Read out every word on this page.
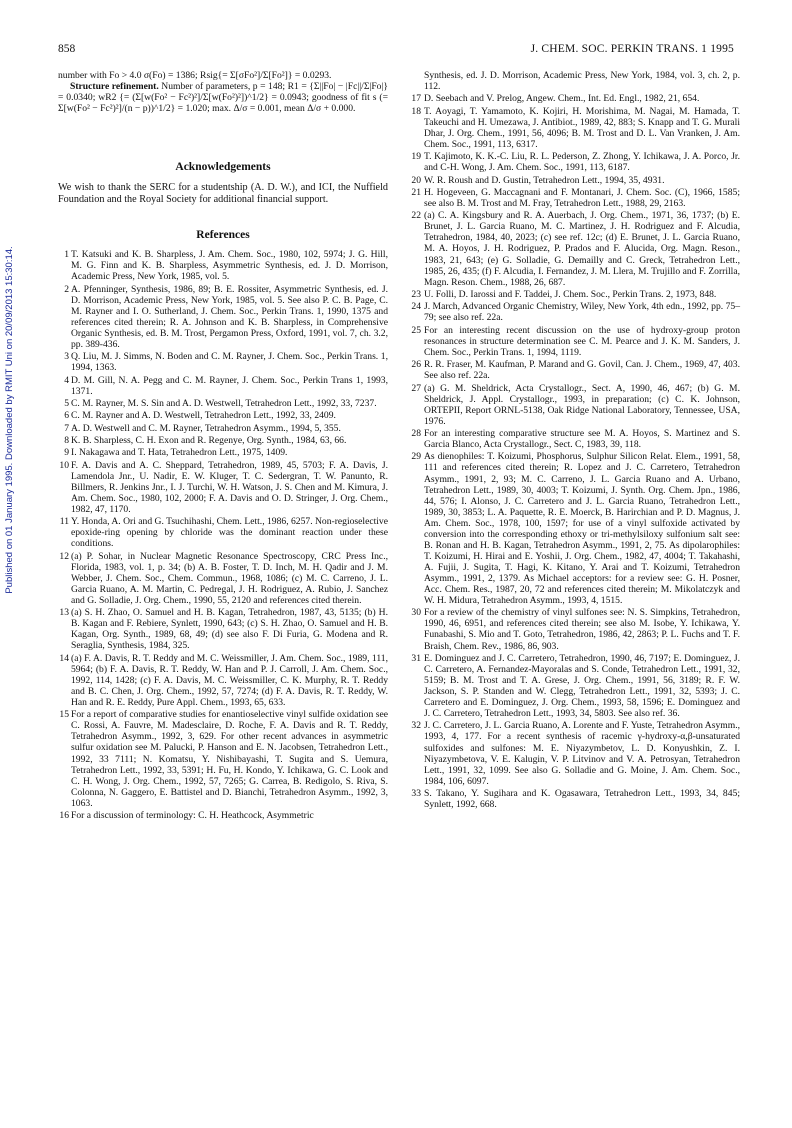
Published on 01 January 1995. Downloaded by RMIT Uni on 20/09/2013 15:30:14.
858	J. CHEM. SOC. PERKIN TRANS. 1 1995

number with Fo > 4.0 σ(Fo) = 1386; Rsig{= Σ[σFo²]/Σ[Fo²]} = 0.0293.

Structure refinement. Number of parameters, p = 148; R1 = {Σ||Fo| − |Fc||/Σ|Fo|} = 0.0340; wR2 {= (Σ[w(Fo² − Fc²)²]/Σ[w(Fo²)²])^1/2} = 0.0943; goodness of fit s (= Σ[w(Fo² − Fc²)²]/(n − p))^1/2} = 1.020; max. Δ/σ = 0.001, mean Δ/σ + 0.000.

Acknowledgements

We wish to thank the SERC for a studentship (A. D. W.), and ICI, the Nuffield Foundation and the Royal Society for additional financial support.

References
1 T. Katsuki and K. B. Sharpless, J. Am. Chem. Soc., 1980, 102, 5974; J. G. Hill, M. G. Finn and K. B. Sharpless, Asymmetric Synthesis, ed. J. D. Morrison, Academic Press, New York, 1985, vol. 5.
2 A. Pfenninger, Synthesis, 1986, 89; B. E. Rossiter, Asymmetric Synthesis, ed. J. D. Morrison, Academic Press, New York, 1985, vol. 5. See also P. C. B. Page, C. M. Rayner and I. O. Sutherland, J. Chem. Soc., Perkin Trans. 1, 1990, 1375 and references cited therein; R. A. Johnson and K. B. Sharpless, in Comprehensive Organic Synthesis, ed. B. M. Trost, Pergamon Press, Oxford, 1991, vol. 7, ch. 3.2, pp. 389-436.
3 Q. Liu, M. J. Simms, N. Boden and C. M. Rayner, J. Chem. Soc., Perkin Trans. 1, 1994, 1363.
4 D. M. Gill, N. A. Pegg and C. M. Rayner, J. Chem. Soc., Perkin Trans 1, 1993, 1371.
5 C. M. Rayner, M. S. Sin and A. D. Westwell, Tetrahedron Lett., 1992, 33, 7237.
6 C. M. Rayner and A. D. Westwell, Tetrahedron Lett., 1992, 33, 2409.
7 A. D. Westwell and C. M. Rayner, Tetrahedron Asymm., 1994, 5, 355.
8 K. B. Sharpless, C. H. Exon and R. Regenye, Org. Synth., 1984, 63, 66.
9 I. Nakagawa and T. Hata, Tetrahedron Lett., 1975, 1409.
10 F. A. Davis and A. C. Sheppard, Tetrahedron, 1989, 45, 5703; F. A. Davis, J. Lamendola Jnr., U. Nadir, E. W. Kluger, T. C. Sedergran, T. W. Panunto, R. Billmers, R. Jenkins Jnr., I. J. Turchi, W. H. Watson, J. S. Chen and M. Kimura, J. Am. Chem. Soc., 1980, 102, 2000; F. A. Davis and O. D. Stringer, J. Org. Chem., 1982, 47, 1170.
11 Y. Honda, A. Ori and G. Tsuchihashi, Chem. Lett., 1986, 6257. Non-regioselective epoxide-ring opening by chloride was the dominant reaction under these conditions.
12 (a) P. Sohar, in Nuclear Magnetic Resonance Spectroscopy, CRC Press Inc., Florida, 1983, vol. 1, p. 34; (b) A. B. Foster, T. D. Inch, M. H. Qadir and J. M. Webber, J. Chem. Soc., Chem. Commun., 1968, 1086; (c) M. C. Carreno, J. L. Garcia Ruano, A. M. Martin, C. Pedregal, J. H. Rodriguez, A. Rubio, J. Sanchez and G. Solladie, J. Org. Chem., 1990, 55, 2120 and references cited therein.
13 (a) S. H. Zhao, O. Samuel and H. B. Kagan, Tetrahedron, 1987, 43, 5135; (b) H. B. Kagan and F. Rebiere, Synlett, 1990, 643; (c) S. H. Zhao, O. Samuel and H. B. Kagan, Org. Synth., 1989, 68, 49; (d) see also F. Di Furia, G. Modena and R. Seraglia, Synthesis, 1984, 325.
14 (a) F. A. Davis, R. T. Reddy and M. C. Weissmiller, J. Am. Chem. Soc., 1989, 111, 5964; (b) F. A. Davis, R. T. Reddy, W. Han and P. J. Carroll, J. Am. Chem. Soc., 1992, 114, 1428; (c) F. A. Davis, M. C. Weissmiller, C. K. Murphy, R. T. Reddy and B. C. Chen, J. Org. Chem., 1992, 57, 7274; (d) F. A. Davis, R. T. Reddy, W. Han and R. E. Reddy, Pure Appl. Chem., 1993, 65, 633.
15 For a report of comparative studies for enantioselective vinyl sulfide oxidation see C. Rossi, A. Fauvre, M. Madesclaire, D. Roche, F. A. Davis and R. T. Reddy, Tetrahedron Asymm., 1992, 3, 629. For other recent advances in asymmetric sulfur oxidation see M. Palucki, P. Hanson and E. N. Jacobsen, Tetrahedron Lett., 1992, 33 7111; N. Komatsu, Y. Nishibayashi, T. Sugita and S. Uemura, Tetrahedron Lett., 1992, 33, 5391; H. Fu, H. Kondo, Y. Ichikawa, G. C. Look and C. H. Wong, J. Org. Chem., 1992, 57, 7265; G. Carrea, B. Redigolo, S. Riva, S. Colonna, N. Gaggero, E. Battistel and D. Bianchi, Tetrahedron Asymm., 1992, 3, 1063.
16 For a discussion of terminology: C. H. Heathcock, Asymmetric
Synthesis, ed. J. D. Morrison, Academic Press, New York, 1984, vol. 3, ch. 2, p. 112.
17 D. Seebach and V. Prelog, Angew. Chem., Int. Ed. Engl., 1982, 21, 654.
18 T. Aoyagi, T. Yamamoto, K. Kojiri, H. Morishima, M. Nagai, M. Hamada, T. Takeuchi and H. Umezawa, J. Antibiot., 1989, 42, 883; S. Knapp and T. G. Murali Dhar, J. Org. Chem., 1991, 56, 4096; B. M. Trost and D. L. Van Vranken, J. Am. Chem. Soc., 1991, 113, 6317.
19 T. Kajimoto, K. K.-C. Liu, R. L. Pederson, Z. Zhong, Y. Ichikawa, J. A. Porco, Jr. and C-H. Wong, J. Am. Chem. Soc., 1991, 113, 6187.
20 W. R. Roush and D. Gustin, Tetrahedron Lett., 1994, 35, 4931.
21 H. Hogeveen, G. Maccagnani and F. Montanari, J. Chem. Soc. (C), 1966, 1585; see also B. M. Trost and M. Fray, Tetrahedron Lett., 1988, 29, 2163.
22 (a) C. A. Kingsbury and R. A. Auerbach, J. Org. Chem., 1971, 36, 1737; (b) E. Brunet, J. L. Garcia Ruano, M. C. Martinez, J. H. Rodriguez and F. Alcudia, Tetrahedron, 1984, 40, 2023; (c) see ref. 12c; (d) E. Brunet, J. L. Garcia Ruano, M. A. Hoyos, J. H. Rodriguez, P. Prados and F. Alucida, Org. Magn. Reson., 1983, 21, 643; (e) G. Solladie, G. Demailly and C. Greck, Tetrahedron Lett., 1985, 26, 435; (f) F. Alcudia, I. Fernandez, J. M. Llera, M. Trujillo and F. Zorrilla, Magn. Reson. Chem., 1988, 26, 687.
23 U. Folli, D. Iarossi and F. Taddei, J. Chem. Soc., Perkin Trans. 2, 1973, 848.
24 J. March, Advanced Organic Chemistry, Wiley, New York, 4th edn., 1992, pp. 75–79; see also ref. 22a.
25 For an interesting recent discussion on the use of hydroxy-group proton resonances in structure determination see C. M. Pearce and J. K. M. Sanders, J. Chem. Soc., Perkin Trans. 1, 1994, 1119.
26 R. R. Fraser, M. Kaufman, P. Marand and G. Govil, Can. J. Chem., 1969, 47, 403. See also ref. 22a.
27 (a) G. M. Sheldrick, Acta Crystallogr., Sect. A, 1990, 46, 467; (b) G. M. Sheldrick, J. Appl. Crystallogr., 1993, in preparation; (c) C. K. Johnson, ORTEPII, Report ORNL-5138, Oak Ridge National Laboratory, Tennessee, USA, 1976.
28 For an interesting comparative structure see M. A. Hoyos, S. Martinez and S. Garcia Blanco, Acta Crystallogr., Sect. C, 1983, 39, 118.
29 As dienophiles: T. Koizumi, Phosphorus, Sulphur Silicon Relat. Elem., 1991, 58, 111 and references cited therein; R. Lopez and J. C. Carretero, Tetrahedron Asymm., 1991, 2, 93; M. C. Carreno, J. L. Garcia Ruano and A. Urbano, Tetrahedron Lett., 1989, 30, 4003; T. Koizumi, J. Synth. Org. Chem. Jpn., 1986, 44, 576; I. Alonso, J. C. Carretero and J. L. Garcia Ruano, Tetrahedron Lett., 1989, 30, 3853; L. A. Paquette, R. E. Moerck, B. Harirchian and P. D. Magnus, J. Am. Chem. Soc., 1978, 100, 1597; for use of a vinyl sulfoxide activated by conversion into the corresponding ethoxy or tri-methylsiloxy sulfonium salt see: B. Ronan and H. B. Kagan, Tetrahedron Asymm., 1991, 2, 75. As dipolarophiles: T. Koizumi, H. Hirai and E. Yoshii, J. Org. Chem., 1982, 47, 4004; T. Takahashi, A. Fujii, J. Sugita, T. Hagi, K. Kitano, Y. Arai and T. Koizumi, Tetrahedron Asymm., 1991, 2, 1379. As Michael acceptors: for a review see: G. H. Posner, Acc. Chem. Res., 1987, 20, 72 and references cited therein; M. Mikolatczyk and W. H. Midura, Tetrahedron Asymm., 1993, 4, 1515.
30 For a review of the chemistry of vinyl sulfones see: N. S. Simpkins, Tetrahedron, 1990, 46, 6951, and references cited therein; see also M. Isobe, Y. Ichikawa, Y. Funabashi, S. Mio and T. Goto, Tetrahedron, 1986, 42, 2863; P. L. Fuchs and T. F. Braish, Chem. Rev., 1986, 86, 903.
31 E. Dominguez and J. C. Carretero, Tetrahedron, 1990, 46, 7197; E. Dominguez, J. C. Carretero, A. Fernandez-Mayoralas and S. Conde, Tetrahedron Lett., 1991, 32, 5159; B. M. Trost and T. A. Grese, J. Org. Chem., 1991, 56, 3189; R. F. W. Jackson, S. P. Standen and W. Clegg, Tetrahedron Lett., 1991, 32, 5393; J. C. Carretero and E. Dominguez, J. Org. Chem., 1993, 58, 1596; E. Dominguez and J. C. Carretero, Tetrahedron Lett., 1993, 34, 5803. See also ref. 36.
32 J. C. Carretero, J. L. Garcia Ruano, A. Lorente and F. Yuste, Tetrahedron Asymm., 1993, 4, 177. For a recent synthesis of racemic γ-hydroxy-α,β-unsaturated sulfoxides and sulfones: M. E. Niyazymbetov, L. D. Konyushkin, Z. I. Niyazymbetova, V. E. Kalugin, V. P. Litvinov and V. A. Petrosyan, Tetrahedron Lett., 1991, 32, 1099. See also G. Solladie and G. Moine, J. Am. Chem. Soc., 1984, 106, 6097.
33 S. Takano, Y. Sugihara and K. Ogasawara, Tetrahedron Lett., 1993, 34, 845; Synlett, 1992, 668.
